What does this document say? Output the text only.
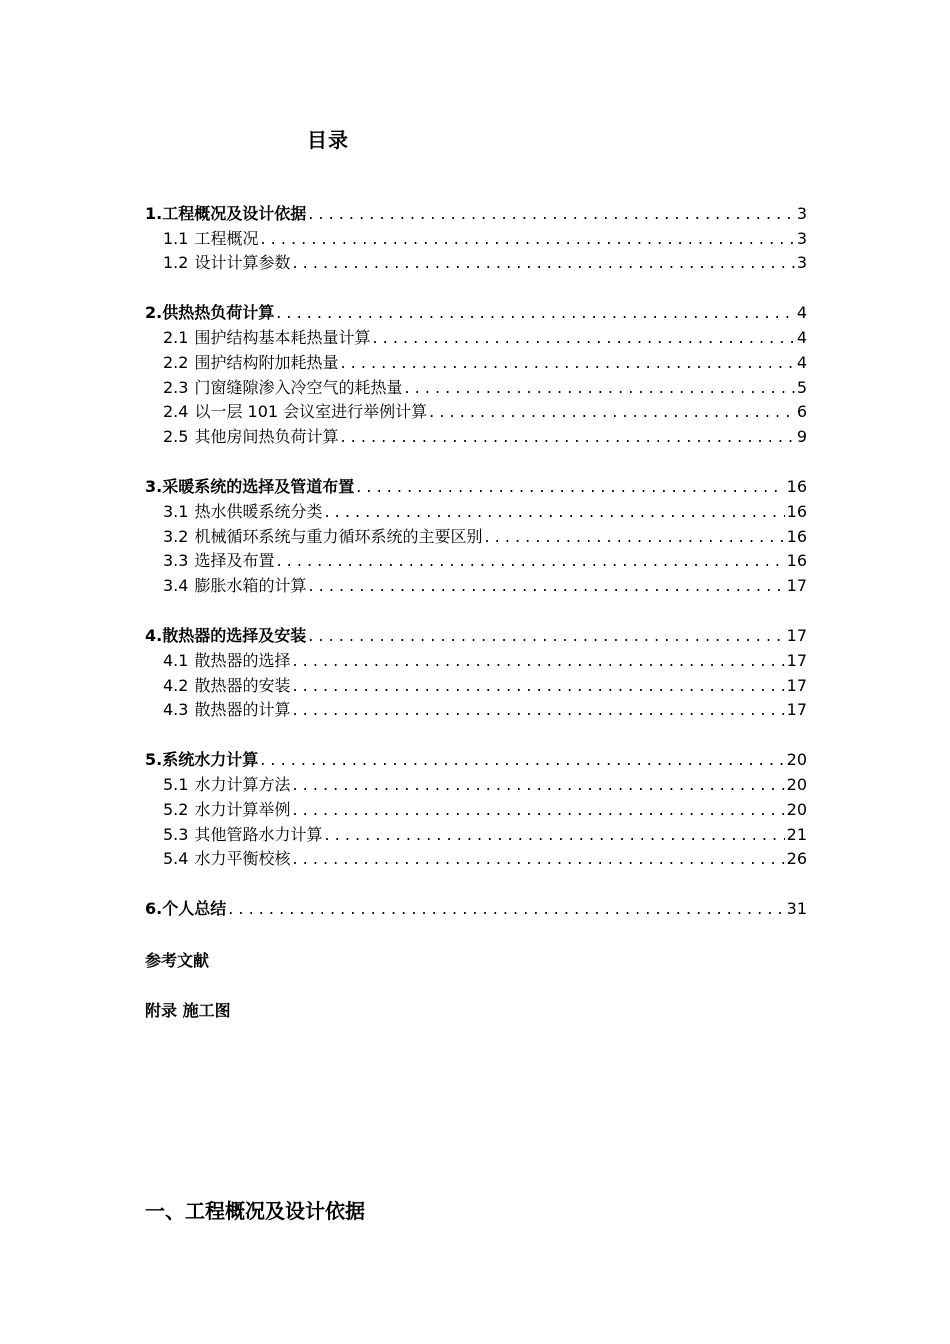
目录
1. 工程概况及设计依据 . . .	3
1.1 工程概况 . . .	3
1.2 设计计算参数 . . .	3
2. 供热热负荷计算 . . .	4
2.1 围护结构基本耗热量计算 . . .	4
2.2 围护结构附加耗热量 . . .	4
2.3 门窗缝隙渗入冷空气的耗热量 . . .	5
2.4 以一层 101 会议室进行举例计算 . . .	6
2.5 其他房间热负荷计算 . . .	9
3. 采暖系统的选择及管道布置 . . .	16
3.1 热水供暖系统分类 . . .	16
3.2 机械循环系统与重力循环系统的主要区别 . . .	16
3.3 选择及布置 . . .	16
3.4 膨胀水箱的计算 . . .	17
4. 散热器的选择及安装 . . .	17
4.1 散热器的选择 . . .	17
4.2 散热器的安装 . . .	17
4.3 散热器的计算 . . .	17
5. 系统水力计算 . . .	20
5.1 水力计算方法 . . .	20
5.2 水力计算举例 . . .	20
5.3 其他管路水力计算 . . .	21
5.4 水力平衡校核 . . .	26
6. 个人总结 . . .	31
参考文献
附录 施工图
一、工程概况及设计依据
